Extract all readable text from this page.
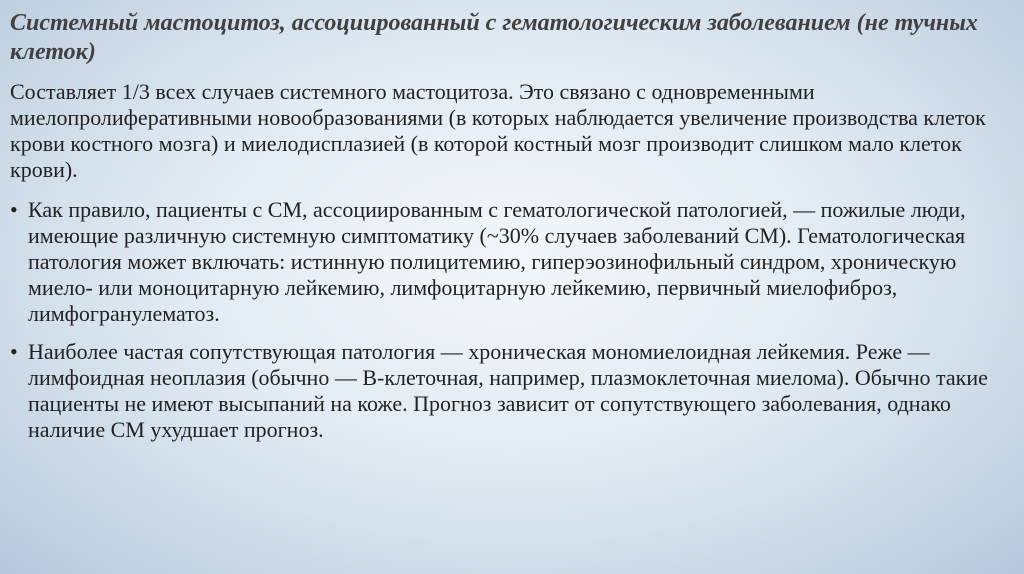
Системный мастоцитоз, ассоциированный с гематологическим заболеванием (не тучных клеток)

Составляет 1/3 всех случаев системного мастоцитоза. Это связано с одновременными миелопролиферативными новообразованиями (в которых наблюдается увеличение производства клеток крови костного мозга) и миелодисплазией (в которой костный мозг производит слишком мало клеток крови).

• Как правило, пациенты с СМ, ассоциированным с гематологической патологией, — пожилые люди, имеющие различную системную симптоматику (~30% случаев заболеваний СМ). Гематологическая патология может включать: истинную полицитемию, гиперэозинофильный синдром, хроническую миело- или моноцитарную лейкемию, лимфоцитарную лейкемию, первичный миелофиброз, лимфогранулематоз.
• Наиболее частая сопутствующая патология — хроническая мономиелоидная лейкемия. Реже — лимфоидная неоплазия (обычно — В-клеточная, например, плазмоклеточная миелома). Обычно такие пациенты не имеют высыпаний на коже. Прогноз зависит от сопутствующего заболевания, однако наличие СМ ухудшает прогноз.
